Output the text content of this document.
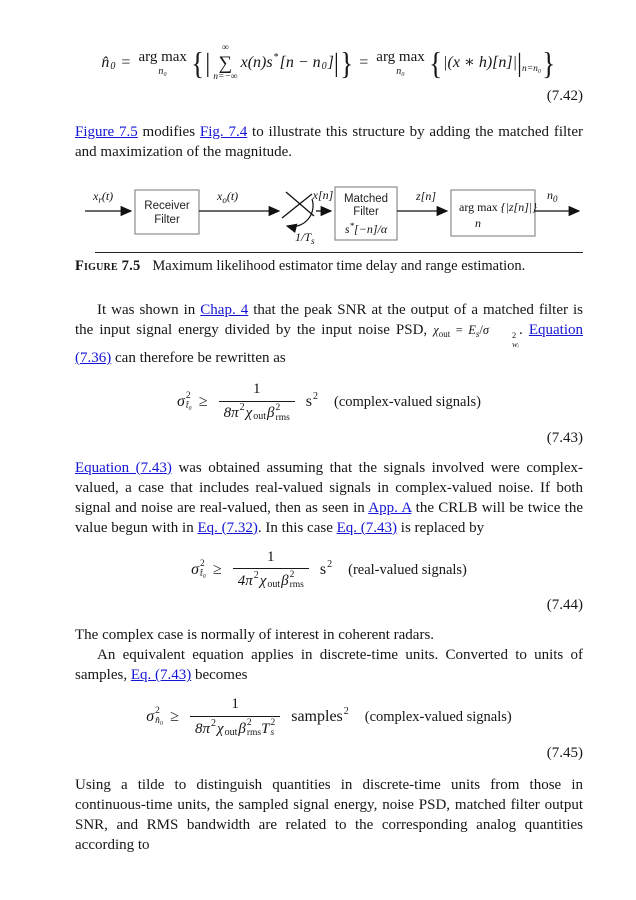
n̂ 0 = arg max
n₀ { |
∞
∑
n=−∞
x(n)s * [n − n 0 ] | } = arg max
n₀ { |(x ∗ h)[n]| | n=n₀ }
(7.42)

Figure 7.5 modifies Fig. 7.4 to illustrate this structure by adding the matched filter and maximization of the magnitude.

$x_r(t)$
Receiver
Filter
$x_o(t)$
$1/T_s$
x[n] Matched
Filter
s*[−n]/α
z[n]
arg max {|z[n]|}
n
$n_0$
Figure 7.5 Maximum likelihood estimator time delay and range estimation.

It was shown in Chap. 4 that the peak SNR at the output of a matched filter is the input signal energy divided by the input noise PSD, $\chi_{out} = E_s/\sigma$	2
wᵢ
. Equation (7.36) can therefore be rewritten as

σ 2
t̂₀ ≥ 1
8π 2 χ out β 2
rms s 2 (complex-valued signals)
(7.43)

Equation (7.43) was obtained assuming that the signals involved were complex-valued, a case that includes real-valued signals in complex-valued noise. If both signal and noise are real-valued, then as seen in App. A the CRLB will be twice the value begun with in Eq. (7.32). In this case Eq. (7.43) is replaced by

σ 2
t̂₀ ≥ 1
4π 2 χ out β 2
rms s 2 (real-valued signals)
(7.44)

The complex case is normally of interest in coherent radars.

An equivalent equation applies in discrete-time units. Converted to units of samples, Eq. (7.43) becomes

σ 2
n̂₀ ≥ 1
8π 2 χ out β 2
rms T 2
s samples 2 (complex-valued signals)
(7.45)

Using a tilde to distinguish quantities in discrete-time units from those in continuous-time units, the sampled signal energy, noise PSD, matched filter output SNR, and RMS bandwidth are related to the corresponding analog quantities according to
